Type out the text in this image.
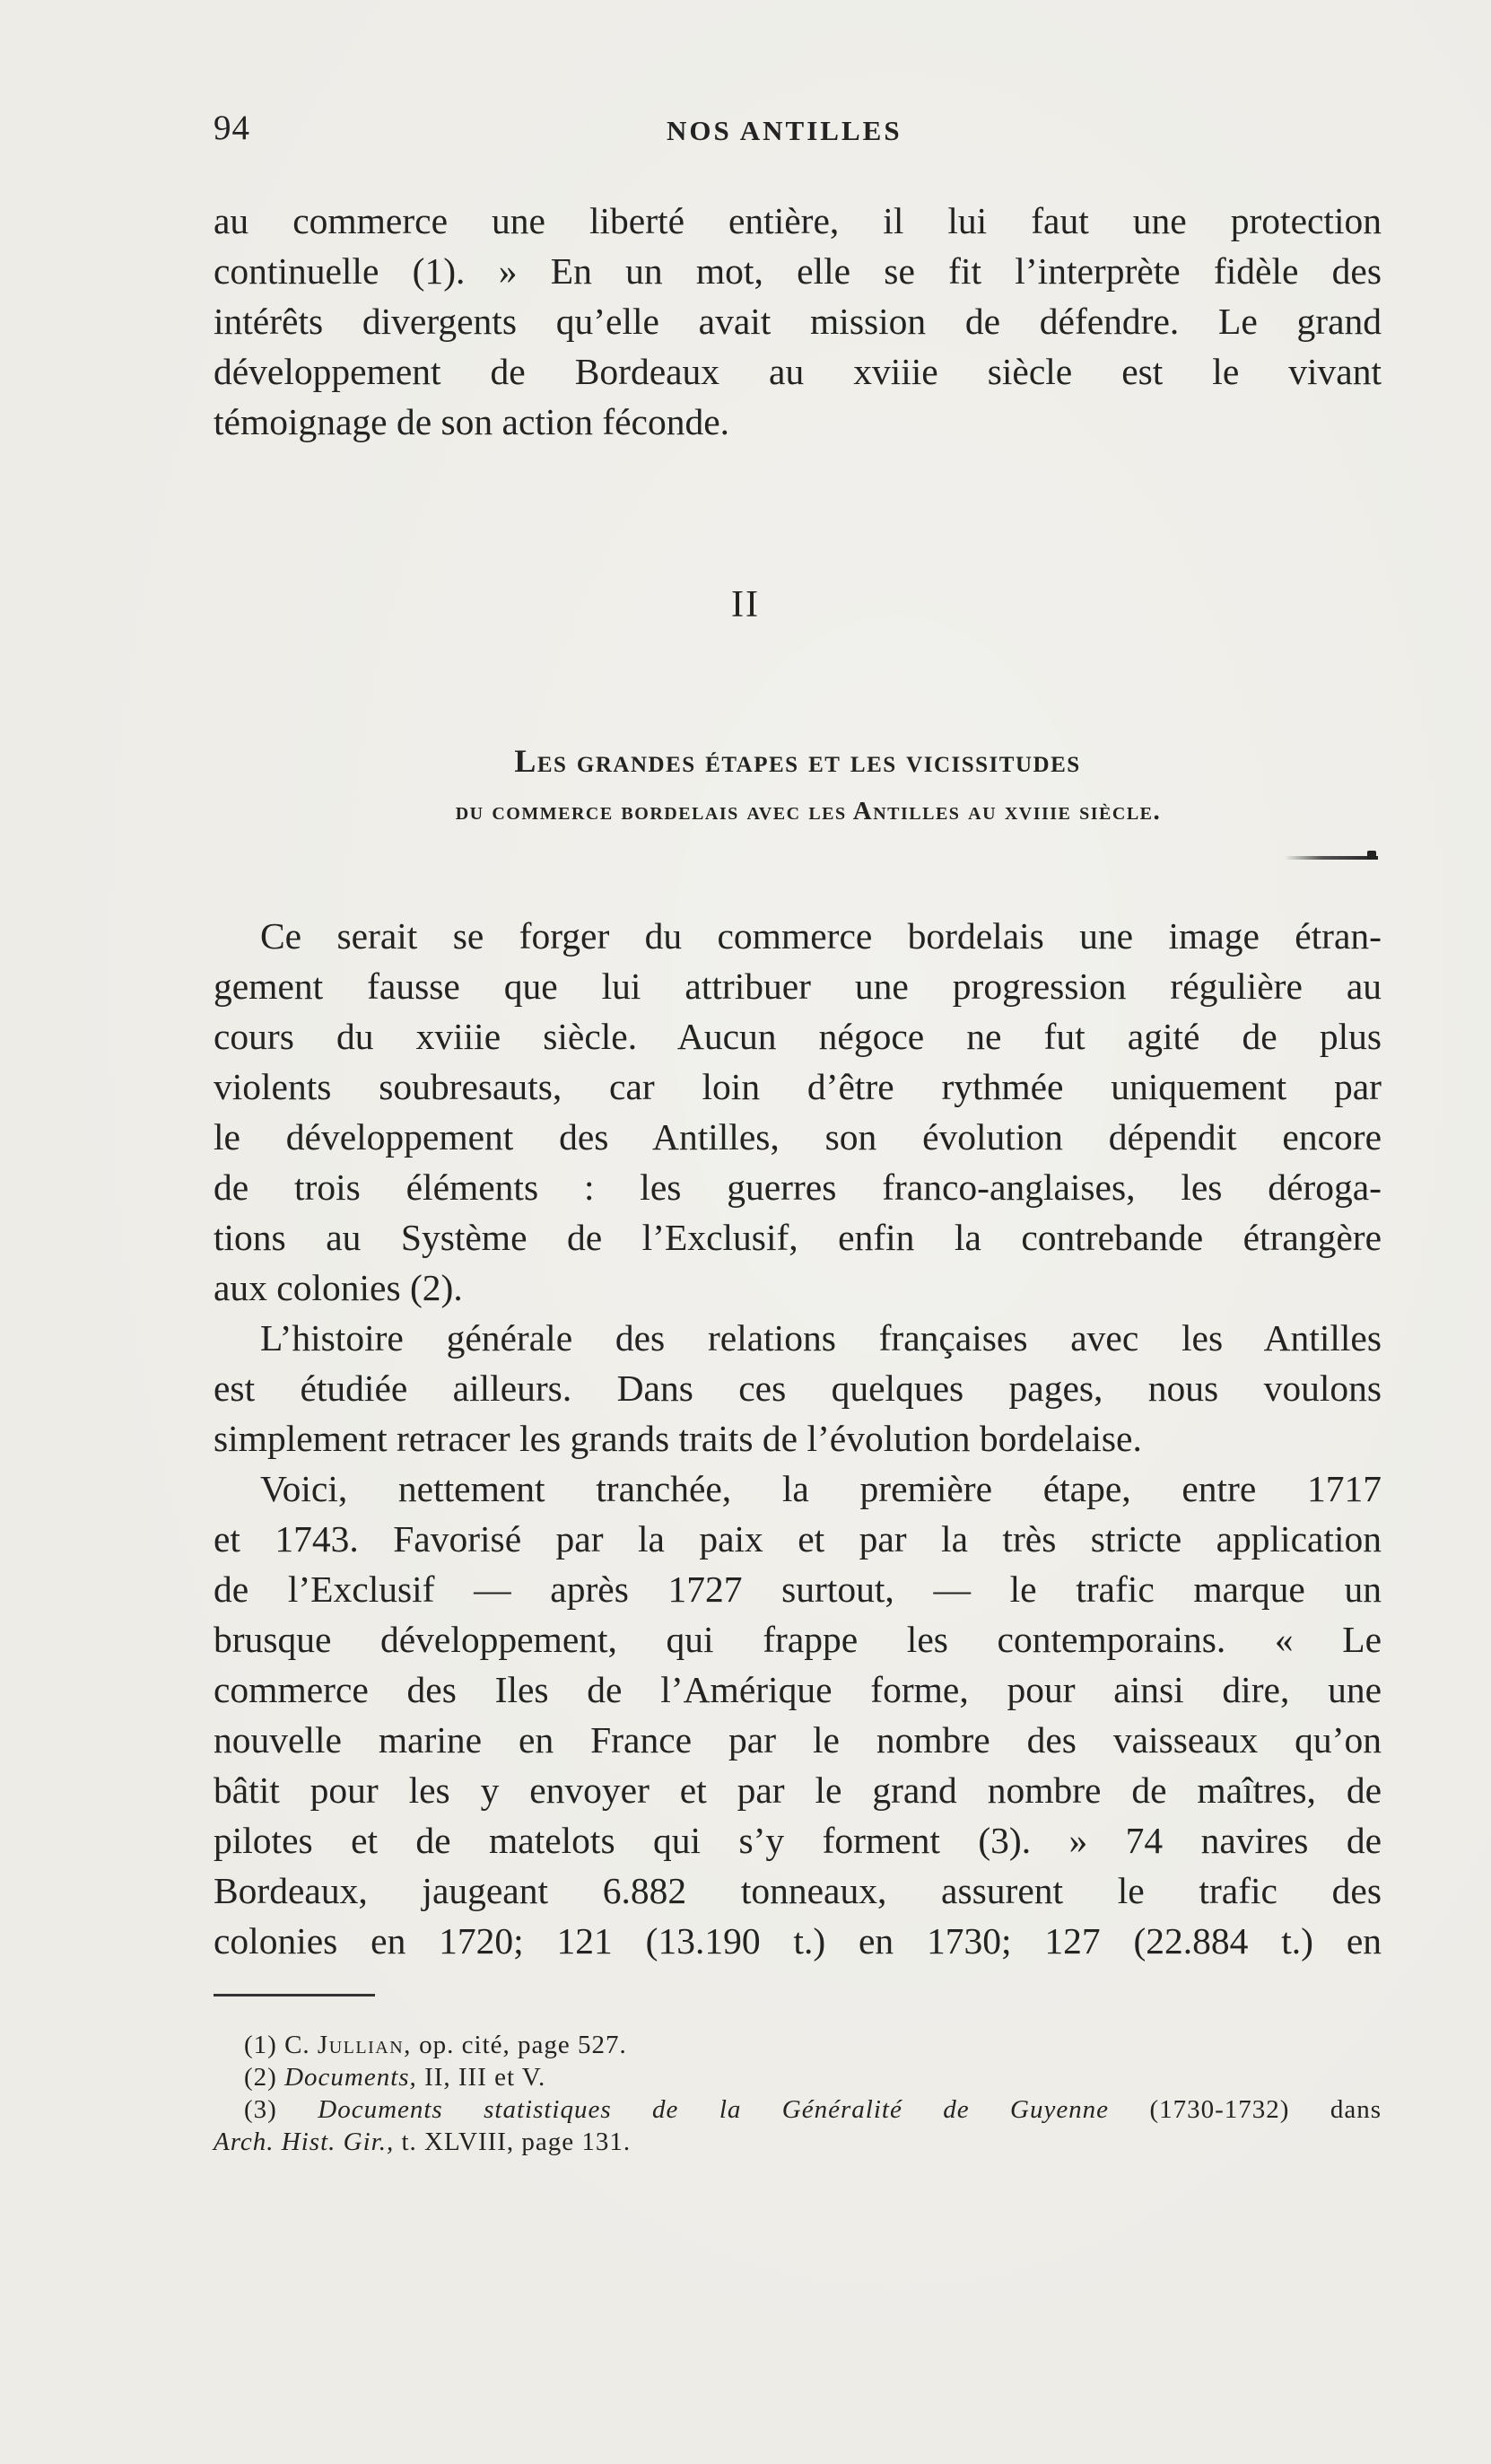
94	NOS ANTILLES
au commerce une liberté entière, il lui faut une protection
continuelle (1). » En un mot, elle se fit l’interprète fidèle des
intérêts divergents qu’elle avait mission de défendre. Le grand
développement de Bordeaux au xviiie siècle est le vivant
témoignage de son action féconde.
II
Les grandes étapes et les vicissitudes
du commerce bordelais avec les Antilles au xviiie siècle.
Ce serait se forger du commerce bordelais une image étran-
gement fausse que lui attribuer une progression régulière au
cours du xviiie siècle. Aucun négoce ne fut agité de plus
violents soubresauts, car loin d’être rythmée uniquement par
le développement des Antilles, son évolution dépendit encore
de trois éléments : les guerres franco-anglaises, les déroga-
tions au Système de l’Exclusif, enfin la contrebande étrangère
aux colonies (2).
L’histoire générale des relations françaises avec les Antilles
est étudiée ailleurs. Dans ces quelques pages, nous voulons
simplement retracer les grands traits de l’évolution bordelaise.
Voici, nettement tranchée, la première étape, entre 1717
et 1743. Favorisé par la paix et par la très stricte application
de l’Exclusif — après 1727 surtout, — le trafic marque un
brusque développement, qui frappe les contemporains. « Le
commerce des Iles de l’Amérique forme, pour ainsi dire, une
nouvelle marine en France par le nombre des vaisseaux qu’on
bâtit pour les y envoyer et par le grand nombre de maîtres, de
pilotes et de matelots qui s’y forment (3). » 74 navires de
Bordeaux, jaugeant 6.882 tonneaux, assurent le trafic des
colonies en 1720; 121 (13.190 t.) en 1730; 127 (22.884 t.) en
(1) C. Jullian, op. cité, page 527.
(2) Documents, II, III et V.
(3) Documents statistiques de la Généralité de Guyenne (1730-1732) dans
Arch. Hist. Gir., t. XLVIII, page 131.
